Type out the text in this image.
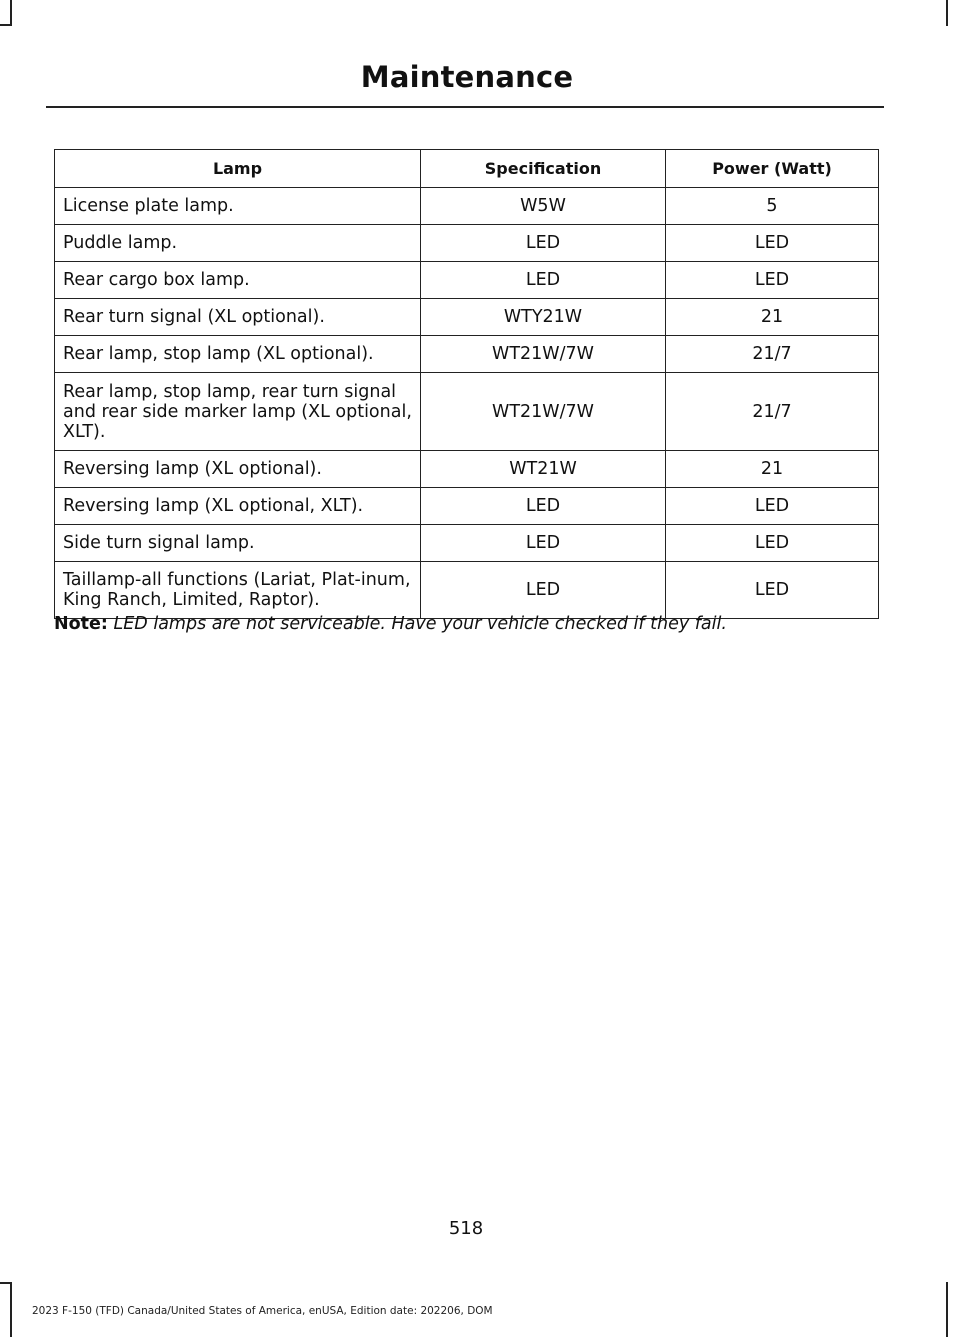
Maintenance
Lamp	Specification	Power (Watt)
License plate lamp.	W5W	5
Puddle lamp.	LED	LED
Rear cargo box lamp.	LED	LED
Rear turn signal (XL optional).	WTY21W	21
Rear lamp, stop lamp (XL optional).	WT21W/7W	21/7
Rear lamp, stop lamp, rear turn signal and rear side marker lamp (XL optional, XLT).	WT21W/7W	21/7
Reversing lamp (XL optional).	WT21W	21
Reversing lamp (XL optional, XLT).	LED	LED
Side turn signal lamp.	LED	LED
Taillamp-all functions (Lariat, Plat-inum, King Ranch, Limited, Raptor).	LED	LED
Note: LED lamps are not serviceable. Have your vehicle checked if they fail.
518
2023 F-150 (TFD) Canada/United States of America, enUSA, Edition date: 202206, DOM
